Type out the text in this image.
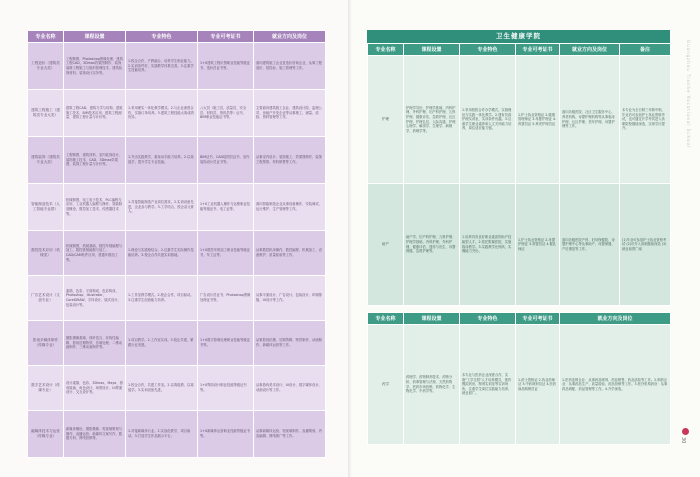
专业名称	课程设置	专业特色	专业可考证书	就业方向及岗位
工程造价（建筑类专业大类）	工程制图、Photoshop图像处理、建筑工程CAD、3Dmax效果图制作、装饰装修工程施工与组织管理技术、建筑装饰材料、装饰设计实务等。	1.校企合作、产教融合，培养学生职业能力。2.实训条件好，实践教学体系完善。3.注重学生技能培养。	1+X建筑工程识图职业技能等级证书、造价员证书等。	面向建筑施工企业及造价咨询企业，从事工程造价、招投标、施工管理等工作。
建筑工程施工（建筑类专业大类）	建筑工程CAD、建筑力学与结构、建筑施工技术、BIM技术应用、建筑工程测量、建筑工程计量与计价等。	1.采用理实一体化教学模式。2.与企业深度合作，实施订单培养。3.建筑工程技能大赛成绩优异。	八大员（施工员、质量员、安全员、材料员、资料员等）证书、BIM职业技能证书等。	主要面向建筑施工企业、建筑设计院、监理公司、房地产开发企业等从事施工、测量、质检、资料管理等工作。
建筑装饰（建筑类专业大类）	工程制图、建筑材料、室内装饰设计、装饰施工技术、CAD、3Dmax效果图、装饰工程计量与计价等。	1.突出实践教学，重视动手能力培养。2.以赛促学，提升学生专业技能。	BIM证书、CAD绘图员证书、室内装饰设计员证书等。	从事室内设计、装饰施工、效果图制作、装饰工程预算、材料销售等工作。
智能制造技术（人工智能专业群）	机械制图、电工电子技术、PLC编程与应用、工业机器人编程与操作、智能制造概论、数控加工技术、传感器技术等。	1.对接智能制造产业岗位需求。2.实训设备先进，企业参与教学。3.工学结合，校企双元育人。	1+X工业机器人操作与运维职业技能等级证书、电工证等。	面向智能制造企业从事设备操作、安装调试、运行维护、生产管理等工作。
数控技术应用（机械类）	机械制图、机械基础、数控车削编程与加工、数控铣削编程与加工、CAD/CAM软件应用、普通车削加工等。	1.理论与实践相结合。2.注重学生实际操作技能培养。3.校企合作共建实训基地。	1+X数控车铣加工职业技能等级证书、车工证等。	从事数控机床操作、数控编程、机械加工、设备维护、质量检验等工作。
广告艺术设计（文创专业）	素描、色彩、平面构成、色彩构成、Photoshop、Illustrator、CorelDRAW、字体设计、版式设计、包装设计等。	1.工作室教学模式。2.校企合作，项目驱动。3.注重学生创意能力培养。	广告设计员证书、Photoshop图像处理证书等。	从事平面设计、广告设计、包装设计、印刷排版、UI设计等工作。
影视多媒体制作（传媒专业）	摄影摄像基础、视听语言、非线性编辑、影视后期特效、音频处理、二维动画制作、三维动画制作等。	1.项目教学。2.工作室实训。3.校企共建，紧跟行业发展。	1+X数字影像处理职业技能等级证书等。	从事影视拍摄、后期剪辑、特效制作、动画制作、新媒体运营等工作。
数字艺术设计（传媒专业）	设计素描、色彩、3Dmax、Maya、游戏原画、角色设计、场景设计、UI界面设计、交互设计等。	1.校企合作，共建工作室。2.以赛促教、以赛促学。3.实训设备先进。	1+X界面设计职业技能等级证书等。	从事游戏美术设计、UI设计、数字媒体设计、动画设计等工作。
融媒体技术与运营（传媒专业）	新媒体概论、摄影摄像、短视频策划与制作、直播运营、新媒体文案写作、数据分析、网络营销等。	1.对接新媒体行业。2.实战化教学，项目驱动。3.打造学生作品展示平台。	1+X新媒体运营职业技能等级证书等。	从事新媒体运营、短视频制作、直播策划、内容编辑、网络推广等工作。
卫生健康学院
专业名称	课程设置	专业特色	专业可考证书	就业方向及岗位	备注
护理	护理学导论、护理学基础、内科护理、外科护理、妇产科护理、儿科护理、健康评估、急救护理、社区护理、护理礼仪、人际沟通、护理心理学、解剖学、生理学、病理学、药理学等。	1.采用校院合作办学模式，实施理论与实践一体化教学。2.建有仿真护理实训室，实训条件优越。3.注重学生职业素养和人文关怀能力培养，岗位适应能力强。	1.护士执业资格证 2.健康管理师证 3.母婴护理证 4.育婴员证 5.养老护理员证	面向各级医院、社区卫生服务中心、养老机构、母婴护理机构等从事临床护理、社区护理、老年护理、母婴护理等工作。	本专业为全日制三年制中职，毕业后可参加护士执业资格考试，也可通过升学考试进入高职院校继续深造，实现学历提升。
助产	助产学、妇产科护理、儿科护理、护理学基础、内科护理、外科护理、健康评估、遗传与优生、母婴保健、急救护理等。	1.培养具有良好职业素质的助产技能型人才。2.依托附属医院，实施临床教学。3.实践教学比例高，实操能力突出。	1.护士执业资格证 2.母婴护理证 3.育婴员证 4.催乳师证	面向各级医院产科、妇幼保健院、母婴护理中心等从事助产、母婴保健、产后康复等工作。	(1)毕业可参加护士执业资格考试 (2)可升入高职继续深造 (3)就业前景广阔
专业名称	课程设置	专业特色	专业可考证书	就业方向及岗位
药学	药理学、药物制剂技术、药物分析、药事管理与法规、天然药物学、医药市场营销、药物化学、生物化学、中药学等。	本专业与医药企业深度合作，实施"工学交替"人才培养模式，建有模拟药房、制剂实训室等实训场所，注重学生岗位实践能力培养，就业面广。	1.药士资格证 2.执业药师证 3.中药调剂员证 4.医药商品购销员证	1.医药连锁企业：从事药品调剂、药品销售、药品质检等工作。2.制药企业：从事药品生产、质量检验、药品营销等工作。3.医疗机构药房：从事药品调配、药品管理等工作。4.升学深造。
Guangzhou Tianhe Vocational School
30
